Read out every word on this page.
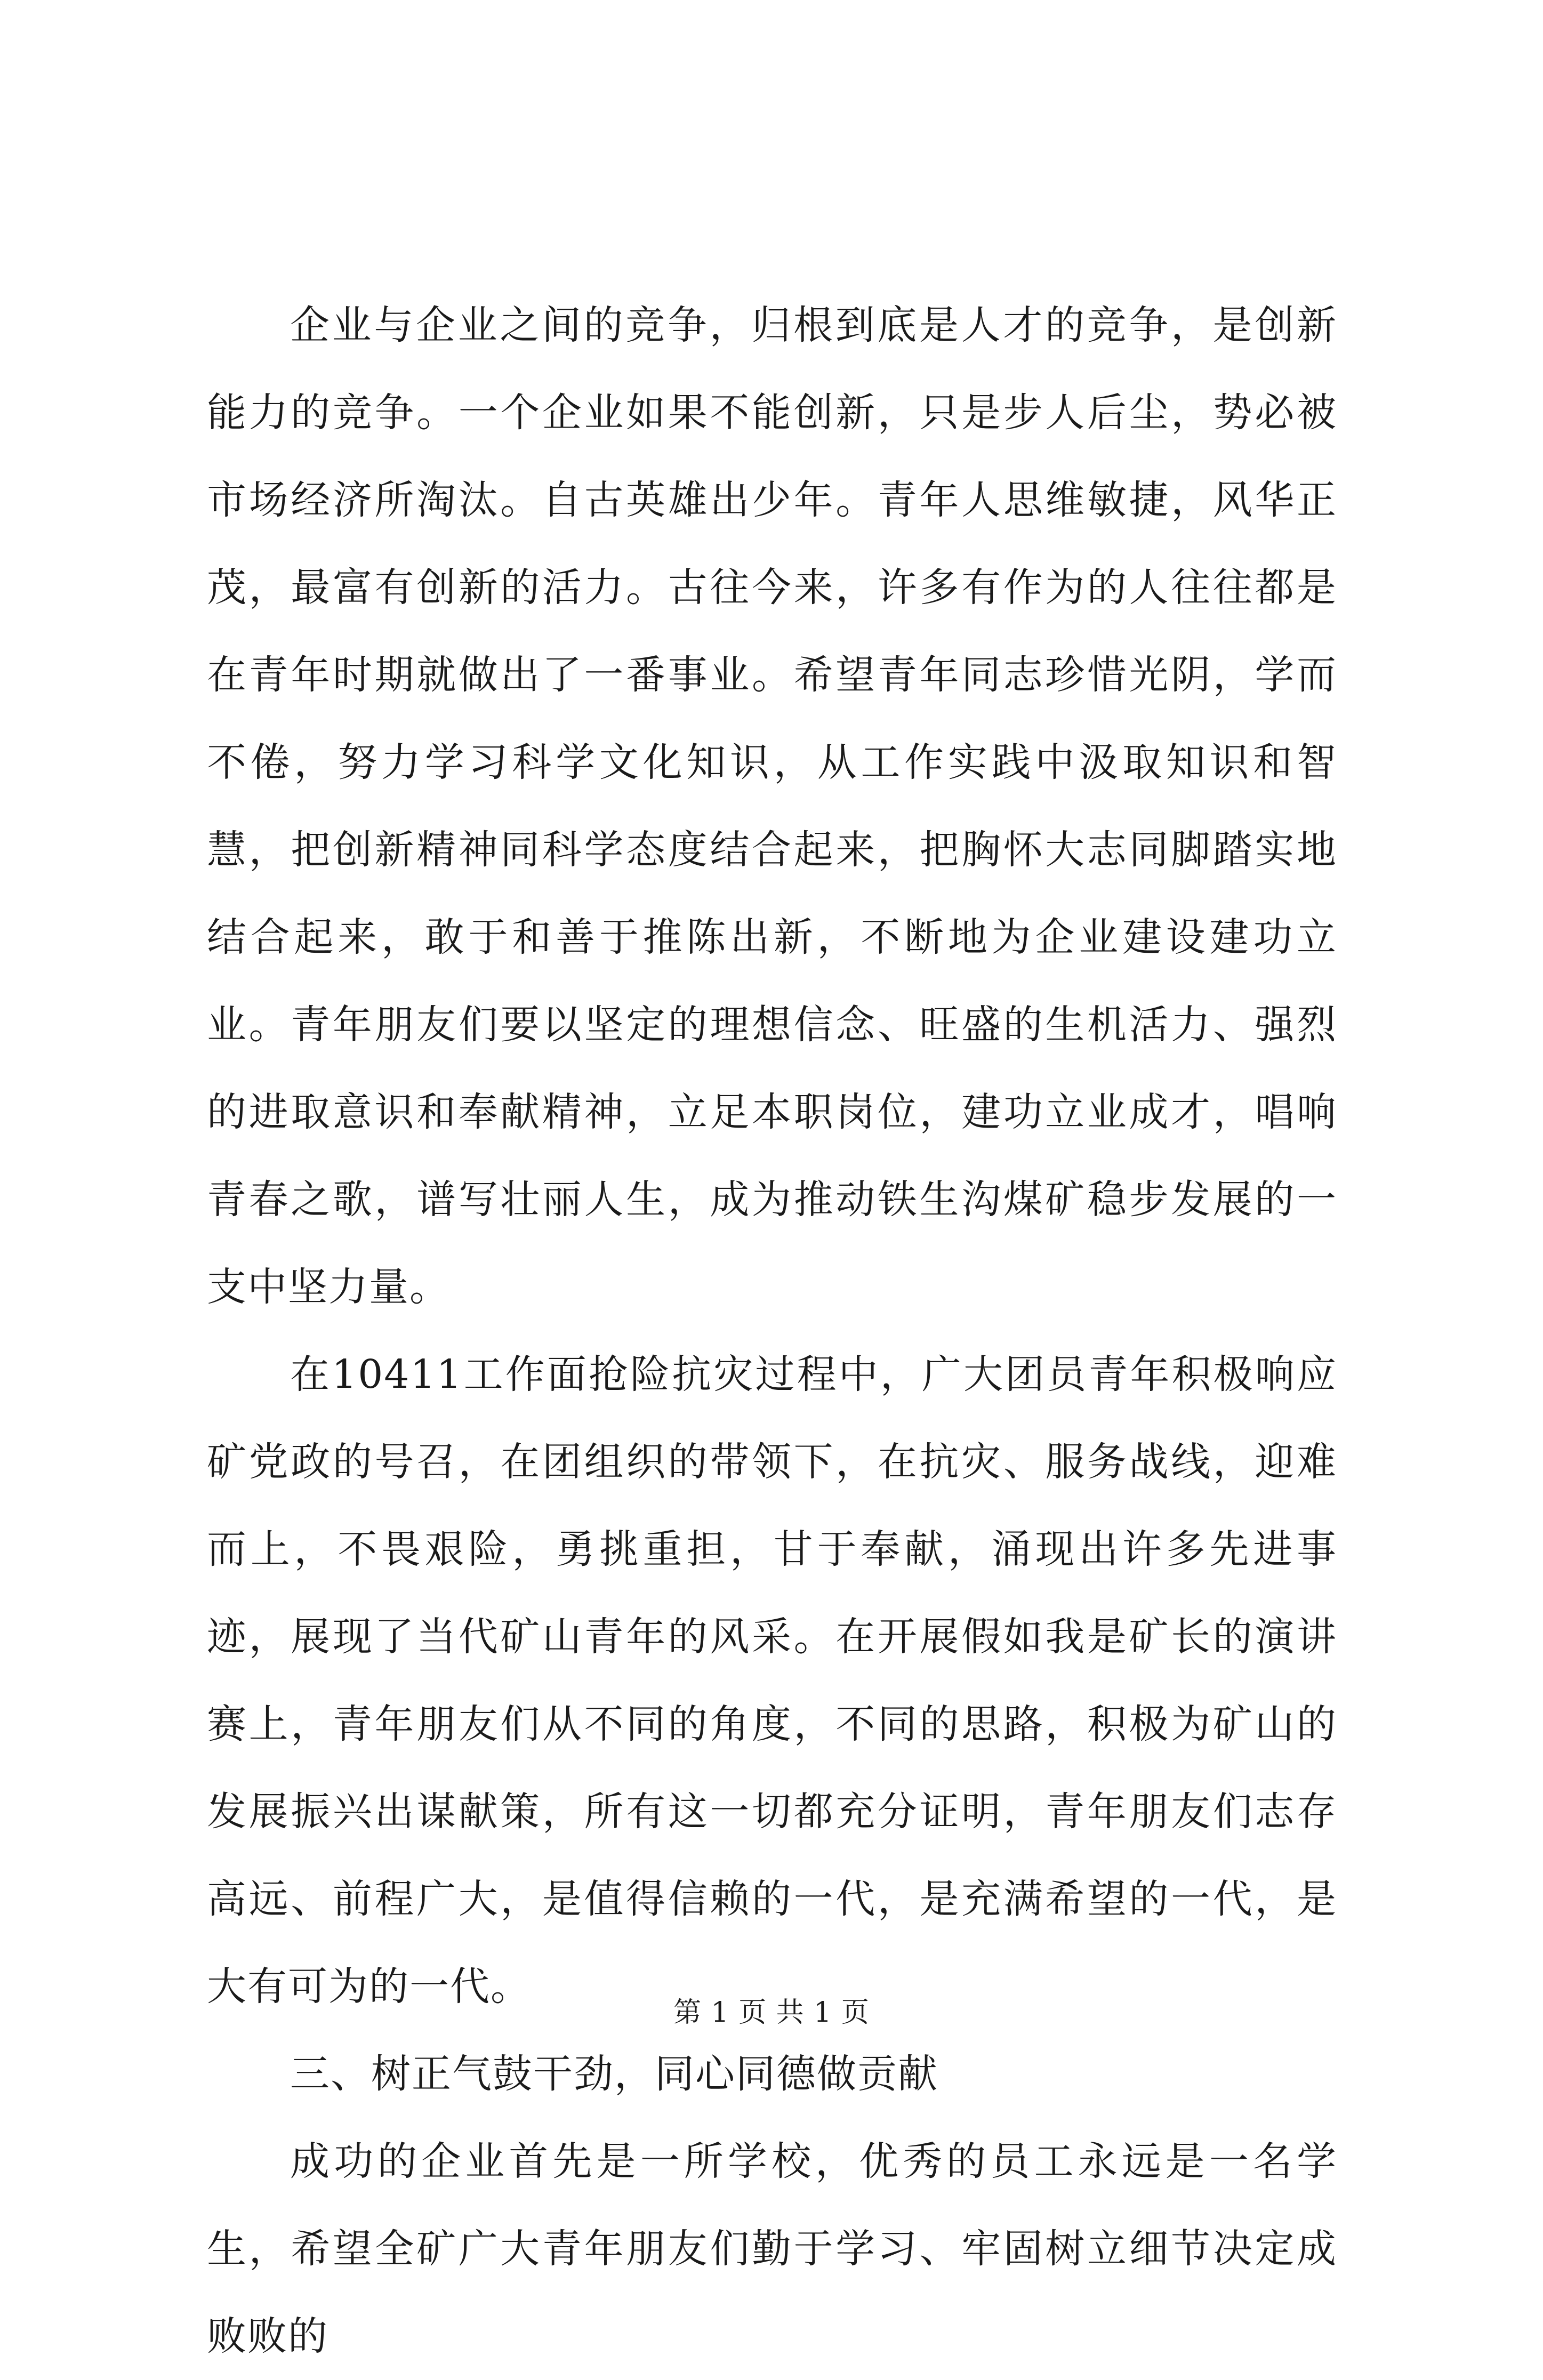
企业与企业之间的竞争，归根到底是人才的竞争，是创新能力的竞争。一个企业如果不能创新，只是步人后尘，势必被市场经济所淘汰。自古英雄出少年。青年人思维敏捷，风华正茂，最富有创新的活力。古往今来，许多有作为的人往往都是在青年时期就做出了一番事业。希望青年同志珍惜光阴，学而不倦，努力学习科学文化知识，从工作实践中汲取知识和智慧，把创新精神同科学态度结合起来，把胸怀大志同脚踏实地结合起来，敢于和善于推陈出新，不断地为企业建设建功立业。青年朋友们要以坚定的理想信念、旺盛的生机活力、强烈的进取意识和奉献精神，立足本职岗位，建功立业成才，唱响青春之歌，谱写壮丽人生，成为推动铁生沟煤矿稳步发展的一支中坚力量。

在10411工作面抢险抗灾过程中，广大团员青年积极响应矿党政的号召，在团组织的带领下，在抗灾、服务战线，迎难而上，不畏艰险，勇挑重担，甘于奉献，涌现出许多先进事迹，展现了当代矿山青年的风采。在开展假如我是矿长的演讲赛上，青年朋友们从不同的角度，不同的思路，积极为矿山的发展振兴出谋献策，所有这一切都充分证明，青年朋友们志存高远、前程广大，是值得信赖的一代，是充满希望的一代，是大有可为的一代。

三、树正气鼓干劲，同心同德做贡献

成功的企业首先是一所学校，优秀的员工永远是一名学生，希望全矿广大青年朋友们勤于学习、牢固树立细节决定成败败的

第 1 页 共 1 页
